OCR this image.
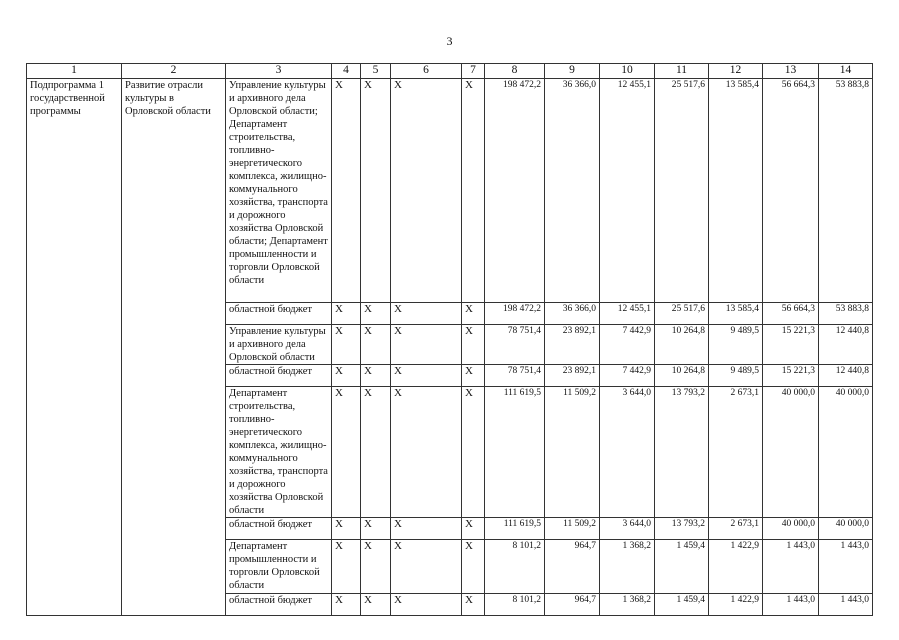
3
1	2	3	4	5	6	7	8	9	10	11	12	13	14
Подпрограмма 1 государственной программы	Развитие отрасли культуры в Орловской области	Управление культуры и архивного дела Орловской области; Департамент строительства, топливно-энергетического комплекса, жилищно-коммунального хозяйства, транспорта и дорожного хозяйства Орловской области; Департамент промышленности и торговли Орловской области	X	X	X	X	198 472,2	36 366,0	12 455,1	25 517,6	13 585,4	56 664,3	53 883,8
		областной бюджет	X	X	X	X	198 472,2	36 366,0	12 455,1	25 517,6	13 585,4	56 664,3	53 883,8
		Управление культуры и архивного дела Орловской области	X	X	X	X	78 751,4	23 892,1	7 442,9	10 264,8	9 489,5	15 221,3	12 440,8
		областной бюджет	X	X	X	X	78 751,4	23 892,1	7 442,9	10 264,8	9 489,5	15 221,3	12 440,8
		Департамент строительства, топливно-энергетического комплекса, жилищно-коммунального хозяйства, транспорта и дорожного хозяйства Орловской области	X	X	X	X	111 619,5	11 509,2	3 644,0	13 793,2	2 673,1	40 000,0	40 000,0
		областной бюджет	X	X	X	X	111 619,5	11 509,2	3 644,0	13 793,2	2 673,1	40 000,0	40 000,0
		Департамент промышленности и торговли Орловской области	X	X	X	X	8 101,2	964,7	1 368,2	1 459,4	1 422,9	1 443,0	1 443,0
		областной бюджет	X	X	X	X	8 101,2	964,7	1 368,2	1 459,4	1 422,9	1 443,0	1 443,0
